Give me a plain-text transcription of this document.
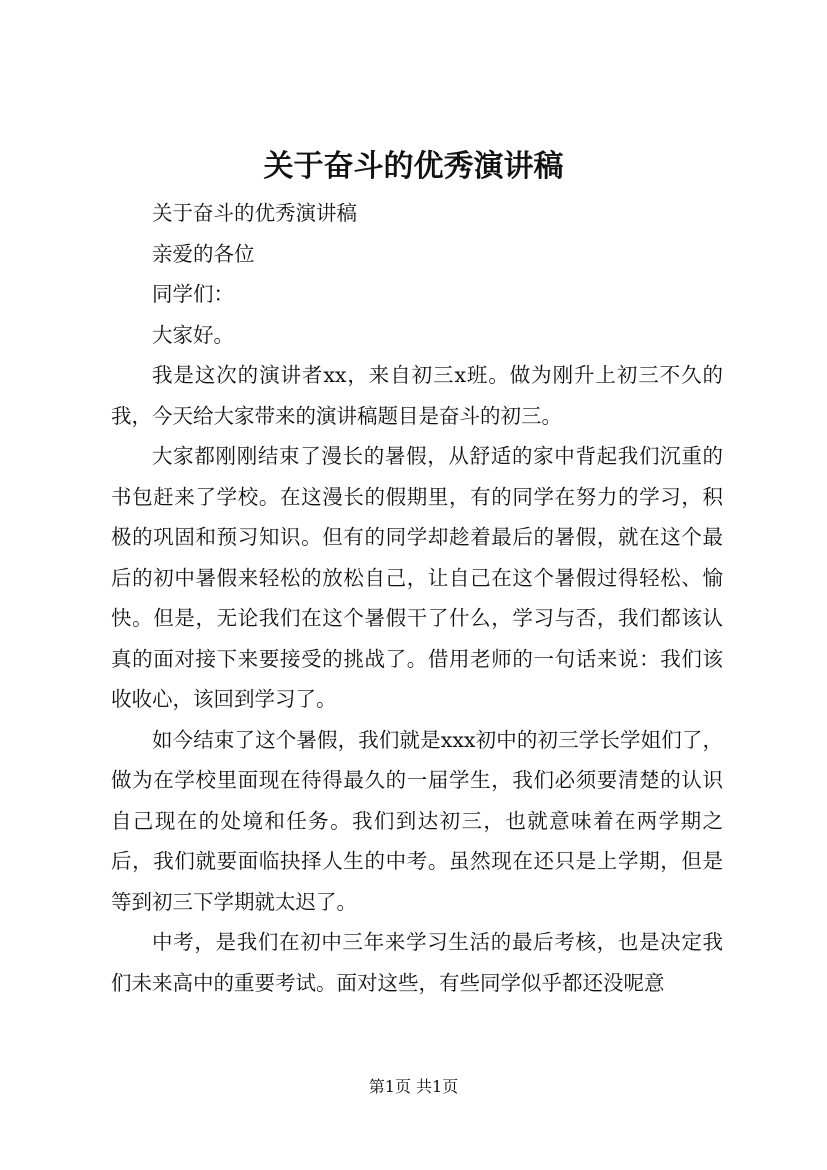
关于奋斗的优秀演讲稿

关于奋斗的优秀演讲稿

亲爱的各位

同学们：

大家好。

我是这次的演讲者xx，来自初三x班。做为刚升上初三不久的我，今天给大家带来的演讲稿题目是奋斗的初三。

大家都刚刚结束了漫长的暑假，从舒适的家中背起我们沉重的书包赶来了学校。在这漫长的假期里，有的同学在努力的学习，积极的巩固和预习知识。但有的同学却趁着最后的暑假，就在这个最后的初中暑假来轻松的放松自己，让自己在这个暑假过得轻松、愉快。但是，无论我们在这个暑假干了什么，学习与否，我们都该认真的面对接下来要接受的挑战了。借用老师的一句话来说：我们该收收心，该回到学习了。

如今结束了这个暑假，我们就是xxx初中的初三学长学姐们了，做为在学校里面现在待得最久的一届学生，我们必须要清楚的认识自己现在的处境和任务。我们到达初三，也就意味着在两学期之后，我们就要面临抉择人生的中考。虽然现在还只是上学期，但是等到初三下学期就太迟了。

中考，是我们在初中三年来学习生活的最后考核，也是决定我们未来高中的重要考试。面对这些，有些同学似乎都还没呢意

第1页 共1页
